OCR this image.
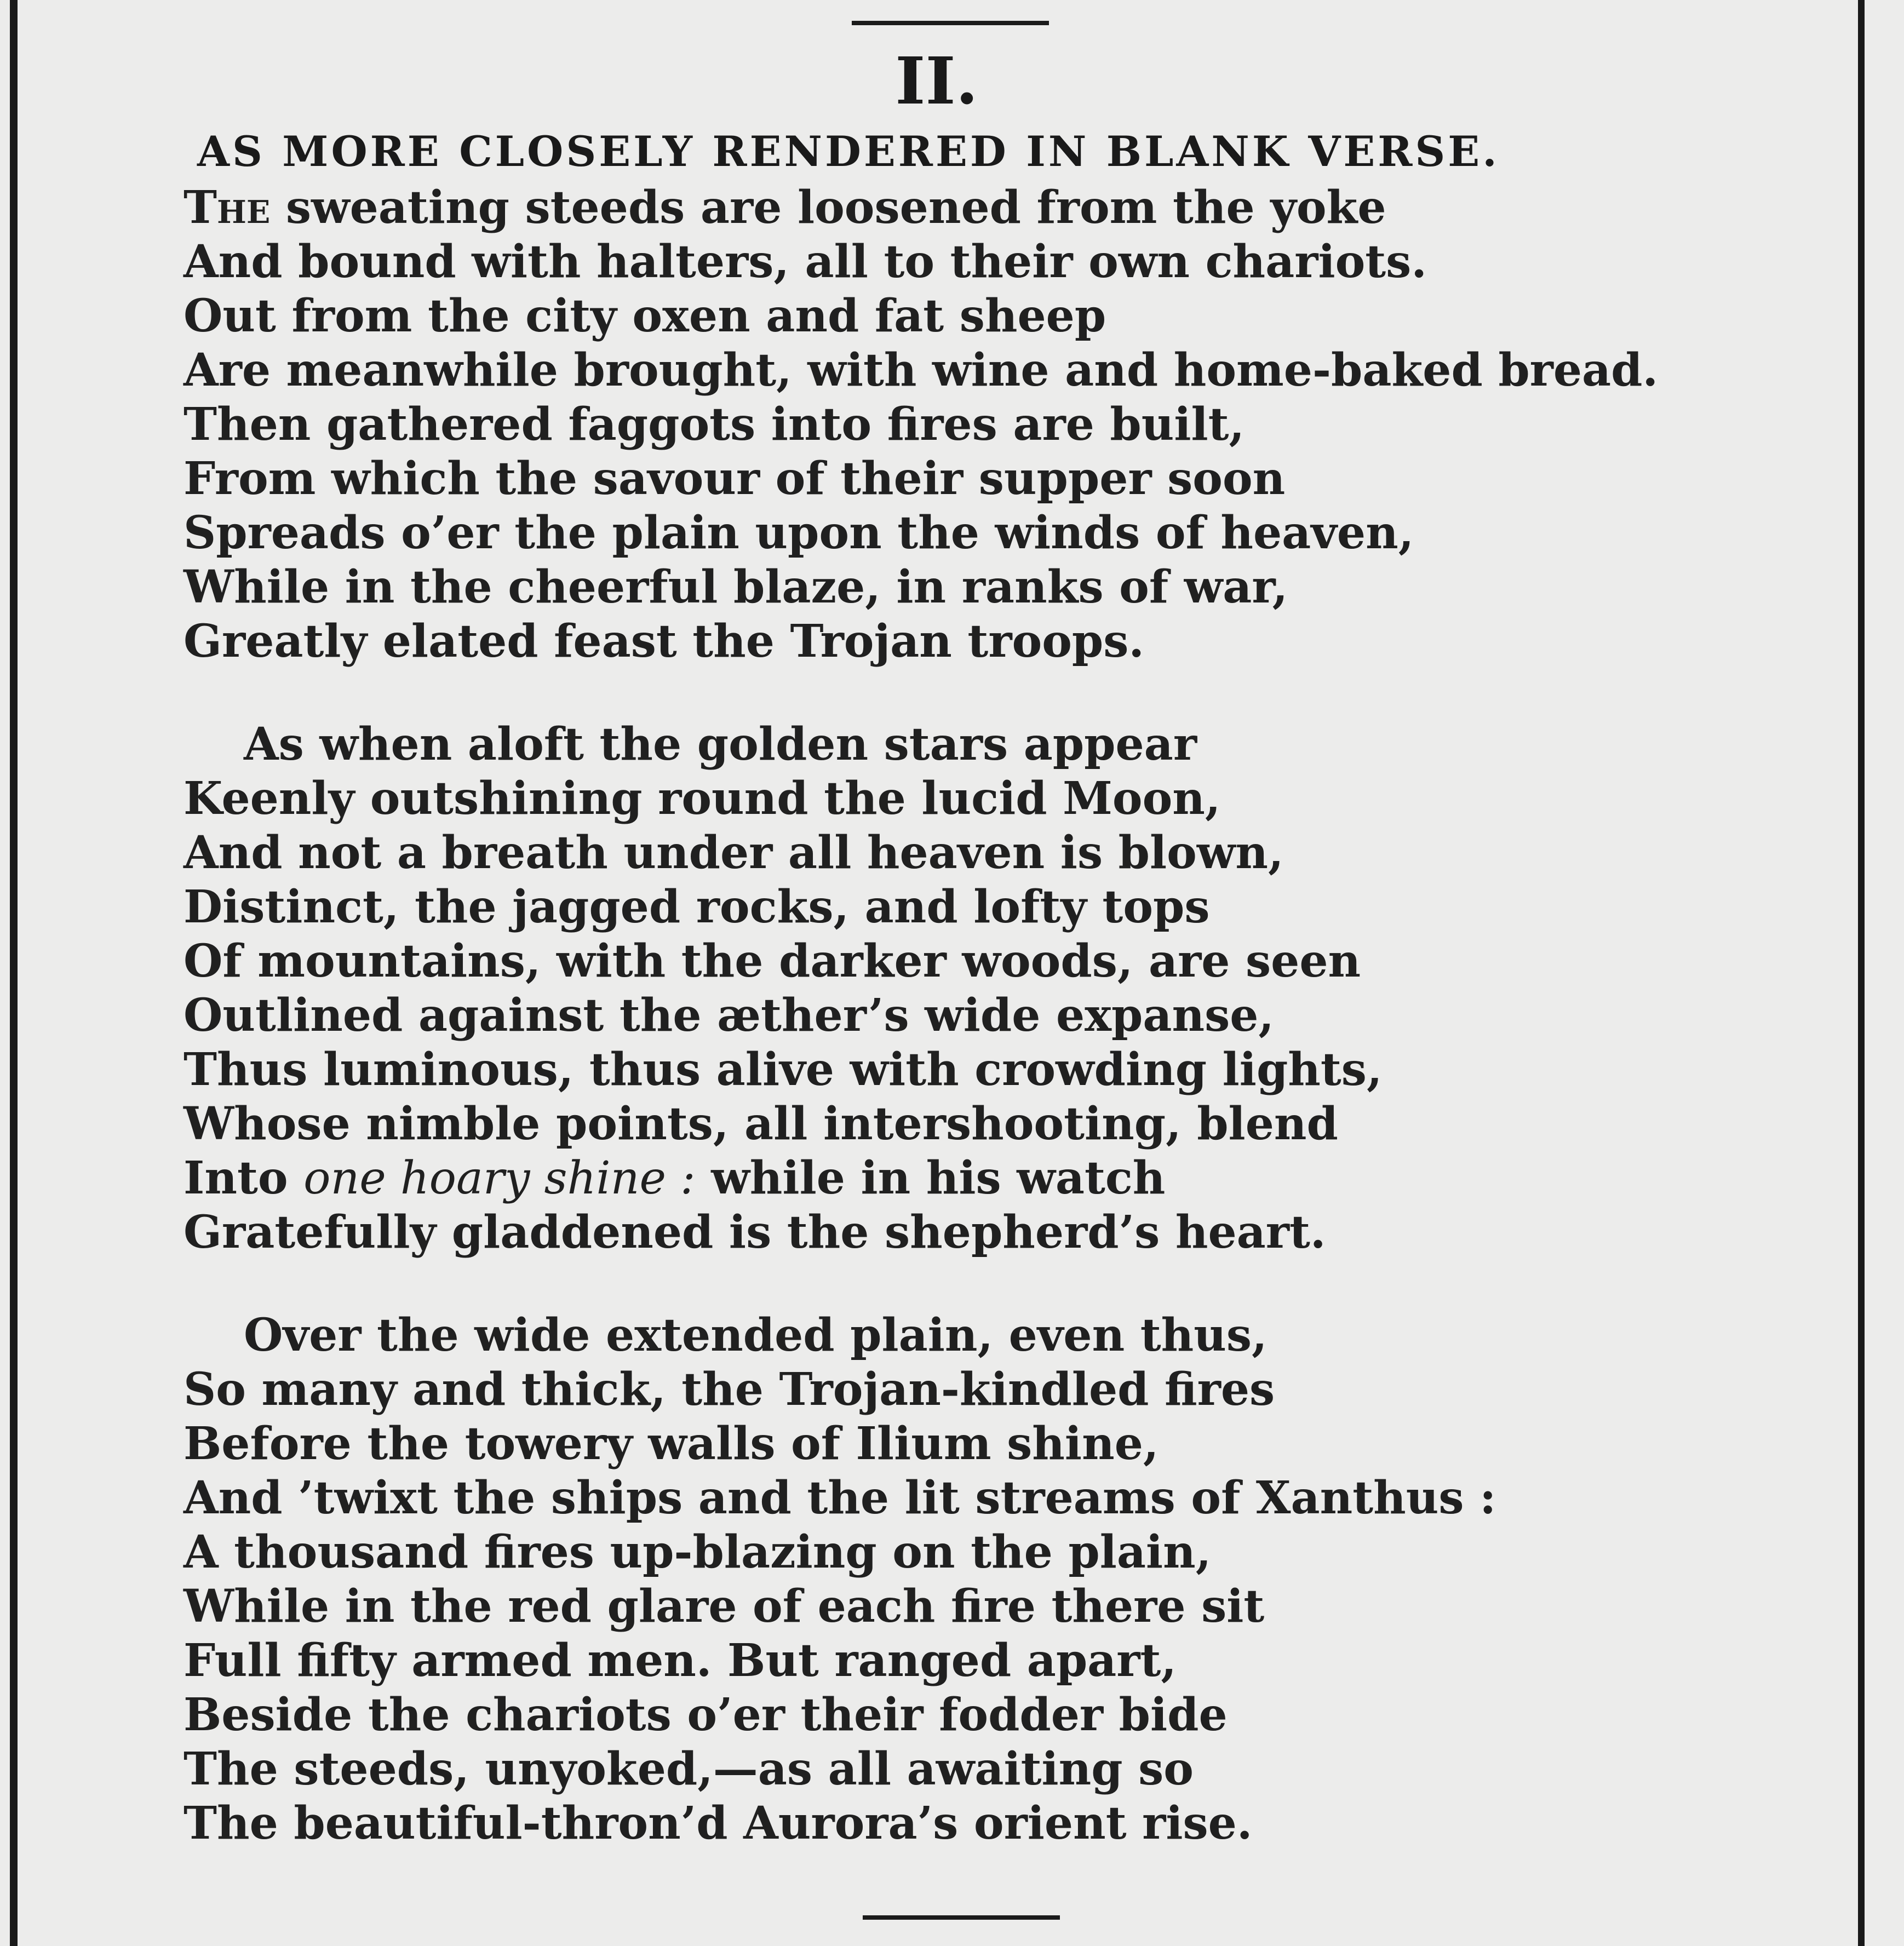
II.
AS MORE CLOSELY RENDERED IN BLANK VERSE.
The sweating steeds are loosened from the yoke
And bound with halters, all to their own chariots.
Out from the city oxen and fat sheep
Are meanwhile brought, with wine and home-baked bread.
Then gathered faggots into fires are built,
From which the savour of their supper soon
Spreads o’er the plain upon the winds of heaven,
While in the cheerful blaze, in ranks of war,
Greatly elated feast the Trojan troops.
As when aloft the golden stars appear
Keenly outshining round the lucid Moon,
And not a breath under all heaven is blown,
Distinct, the jagged rocks, and lofty tops
Of mountains, with the darker woods, are seen
Outlined against the æther’s wide expanse,
Thus luminous, thus alive with crowding lights,
Whose nimble points, all intershooting, blend
Into one hoary shine : while in his watch
Gratefully gladdened is the shepherd’s heart.
Over the wide extended plain, even thus,
So many and thick, the Trojan-kindled fires
Before the towery walls of Ilium shine,
And ’twixt the ships and the lit streams of Xanthus :
A thousand fires up-blazing on the plain,
While in the red glare of each fire there sit
Full fifty armed men. But ranged apart,
Beside the chariots o’er their fodder bide
The steeds, unyoked,—as all awaiting so
The beautiful-thron’d Aurora’s orient rise.
